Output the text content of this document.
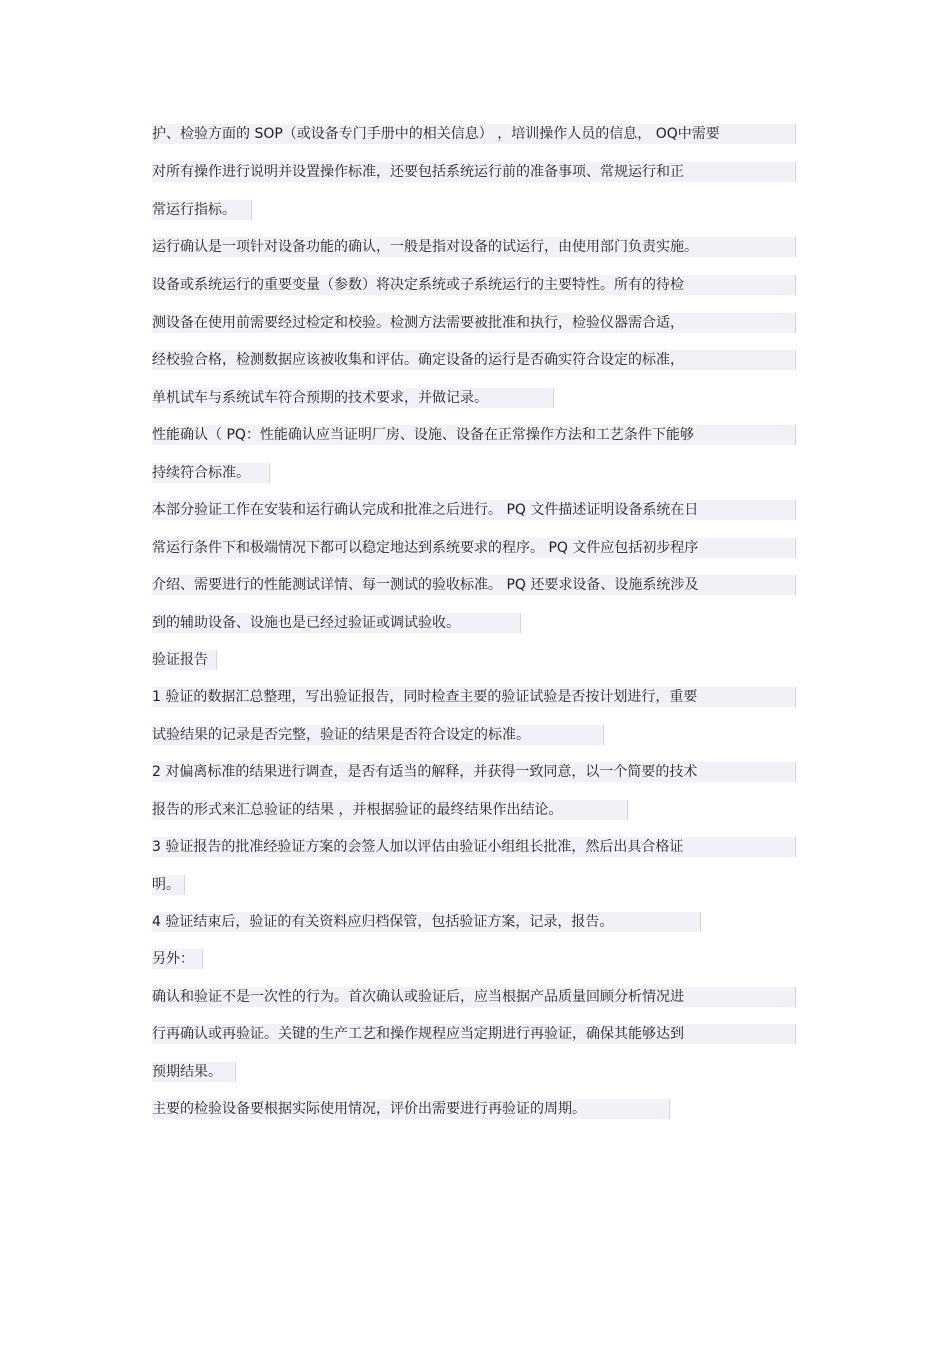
护、检验方面的 SOP（或设备专门手册中的相关信息） ，培训操作人员的信息， OQ中需要
对所有操作进行说明并设置操作标准，还要包括系统运行前的准备事项、常规运行和正
常运行指标。
运行确认是一项针对设备功能的确认，一般是指对设备的试运行，由使用部门负责实施。
设备或系统运行的重要变量（参数）将决定系统或子系统运行的主要特性。所有的待检
测设备在使用前需要经过检定和校验。检测方法需要被批准和执行，检验仪器需合适，
经校验合格，检测数据应该被收集和评估。确定设备的运行是否确实符合设定的标准，
单机试车与系统试车符合预期的技术要求，并做记录。
性能确认（ PQ：性能确认应当证明厂房、设施、设备在正常操作方法和工艺条件下能够
持续符合标准。
本部分验证工作在安装和运行确认完成和批准之后进行。 PQ 文件描述证明设备系统在日
常运行条件下和极端情况下都可以稳定地达到系统要求的程序。 PQ 文件应包括初步程序
介绍、需要进行的性能测试详情、每一测试的验收标准。 PQ 还要求设备、设施系统涉及
到的辅助设备、设施也是已经过验证或调试验收。
验证报告
1 验证的数据汇总整理，写出验证报告，同时检查主要的验证试验是否按计划进行，重要
试验结果的记录是否完整，验证的结果是否符合设定的标准。
2 对偏离标准的结果进行调查，是否有适当的解释，并获得一致同意，以一个简要的技术
报告的形式来汇总验证的结果 ，并根据验证的最终结果作出结论。
3 验证报告的批准经验证方案的会签人加以评估由验证小组组长批准，然后出具合格证
明。
4 验证结束后，验证的有关资料应归档保管，包括验证方案，记录，报告。
另外：
确认和验证不是一次性的行为。首次确认或验证后，应当根据产品质量回顾分析情况进
行再确认或再验证。关键的生产工艺和操作规程应当定期进行再验证，确保其能够达到
预期结果。
主要的检验设备要根据实际使用情况，评价出需要进行再验证的周期。
